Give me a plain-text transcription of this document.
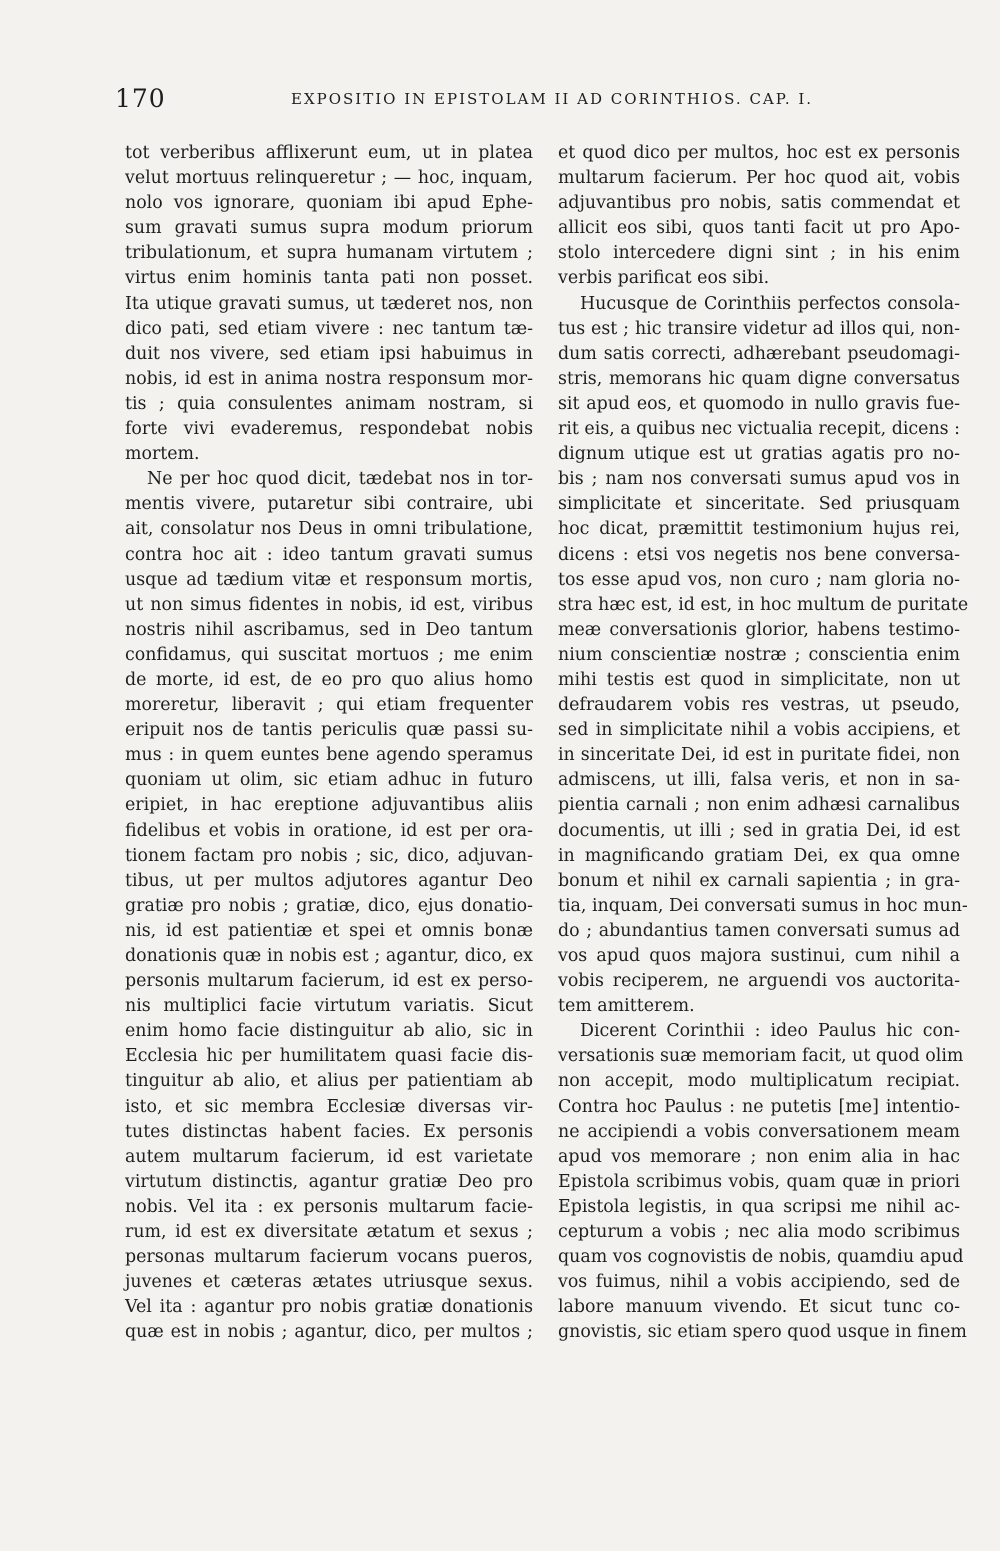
170	EXPOSITIO IN EPISTOLAM II AD CORINTHIOS. CAP. I.
tot verberibus afflixerunt eum, ut in platea
velut mortuus relinqueretur ; — hoc, inquam,
nolo vos ignorare, quoniam ibi apud Ephe-
sum gravati sumus supra modum priorum
tribulationum, et supra humanam virtutem ;
virtus enim hominis tanta pati non posset.
Ita utique gravati sumus, ut tæderet nos, non
dico pati, sed etiam vivere : nec tantum tæ-
duit nos vivere, sed etiam ipsi habuimus in
nobis, id est in anima nostra responsum mor-
tis ; quia consulentes animam nostram, si
forte vivi evaderemus, respondebat nobis
mortem.
Ne per hoc quod dicit, tædebat nos in tor-
mentis vivere, putaretur sibi contraire, ubi
ait, consolatur nos Deus in omni tribulatione,
contra hoc ait : ideo tantum gravati sumus
usque ad tædium vitæ et responsum mortis,
ut non simus fidentes in nobis, id est, viribus
nostris nihil ascribamus, sed in Deo tantum
confidamus, qui suscitat mortuos ; me enim
de morte, id est, de eo pro quo alius homo
moreretur, liberavit ; qui etiam frequenter
eripuit nos de tantis periculis quæ passi su-
mus : in quem euntes bene agendo speramus
quoniam ut olim, sic etiam adhuc in futuro
eripiet, in hac ereptione adjuvantibus aliis
fidelibus et vobis in oratione, id est per ora-
tionem factam pro nobis ; sic, dico, adjuvan-
tibus, ut per multos adjutores agantur Deo
gratiæ pro nobis ; gratiæ, dico, ejus donatio-
nis, id est patientiæ et spei et omnis bonæ
donationis quæ in nobis est ; agantur, dico, ex
personis multarum facierum, id est ex perso-
nis multiplici facie virtutum variatis. Sicut
enim homo facie distinguitur ab alio, sic in
Ecclesia hic per humilitatem quasi facie dis-
tinguitur ab alio, et alius per patientiam ab
isto, et sic membra Ecclesiæ diversas vir-
tutes distinctas habent facies. Ex personis
autem multarum facierum, id est varietate
virtutum distinctis, agantur gratiæ Deo pro
nobis. Vel ita : ex personis multarum facie-
rum, id est ex diversitate ætatum et sexus ;
personas multarum facierum vocans pueros,
juvenes et cæteras ætates utriusque sexus.
Vel ita : agantur pro nobis gratiæ donationis
quæ est in nobis ; agantur, dico, per multos ;
et quod dico per multos, hoc est ex personis
multarum facierum. Per hoc quod ait, vobis
adjuvantibus pro nobis, satis commendat et
allicit eos sibi, quos tanti facit ut pro Apo-
stolo intercedere digni sint ; in his enim
verbis parificat eos sibi.
Hucusque de Corinthiis perfectos consola-
tus est ; hic transire videtur ad illos qui, non-
dum satis correcti, adhærebant pseudomagi-
stris, memorans hic quam digne conversatus
sit apud eos, et quomodo in nullo gravis fue-
rit eis, a quibus nec victualia recepit, dicens :
dignum utique est ut gratias agatis pro no-
bis ; nam nos conversati sumus apud vos in
simplicitate et sinceritate. Sed priusquam
hoc dicat, præmittit testimonium hujus rei,
dicens : etsi vos negetis nos bene conversa-
tos esse apud vos, non curo ; nam gloria no-
stra hæc est, id est, in hoc multum de puritate
meæ conversationis glorior, habens testimo-
nium conscientiæ nostræ ; conscientia enim
mihi testis est quod in simplicitate, non ut
defraudarem vobis res vestras, ut pseudo,
sed in simplicitate nihil a vobis accipiens, et
in sinceritate Dei, id est in puritate fidei, non
admiscens, ut illi, falsa veris, et non in sa-
pientia carnali ; non enim adhæsi carnalibus
documentis, ut illi ; sed in gratia Dei, id est
in magnificando gratiam Dei, ex qua omne
bonum et nihil ex carnali sapientia ; in gra-
tia, inquam, Dei conversati sumus in hoc mun-
do ; abundantius tamen conversati sumus ad
vos apud quos majora sustinui, cum nihil a
vobis reciperem, ne arguendi vos auctorita-
tem amitterem.
Dicerent Corinthii : ideo Paulus hic con-
versationis suæ memoriam facit, ut quod olim
non accepit, modo multiplicatum recipiat.
Contra hoc Paulus : ne putetis [me] intentio-
ne accipiendi a vobis conversationem meam
apud vos memorare ; non enim alia in hac
Epistola scribimus vobis, quam quæ in priori
Epistola legistis, in qua scripsi me nihil ac-
cepturum a vobis ; nec alia modo scribimus
quam vos cognovistis de nobis, quamdiu apud
vos fuimus, nihil a vobis accipiendo, sed de
labore manuum vivendo. Et sicut tunc co-
gnovistis, sic etiam spero quod usque in finem
